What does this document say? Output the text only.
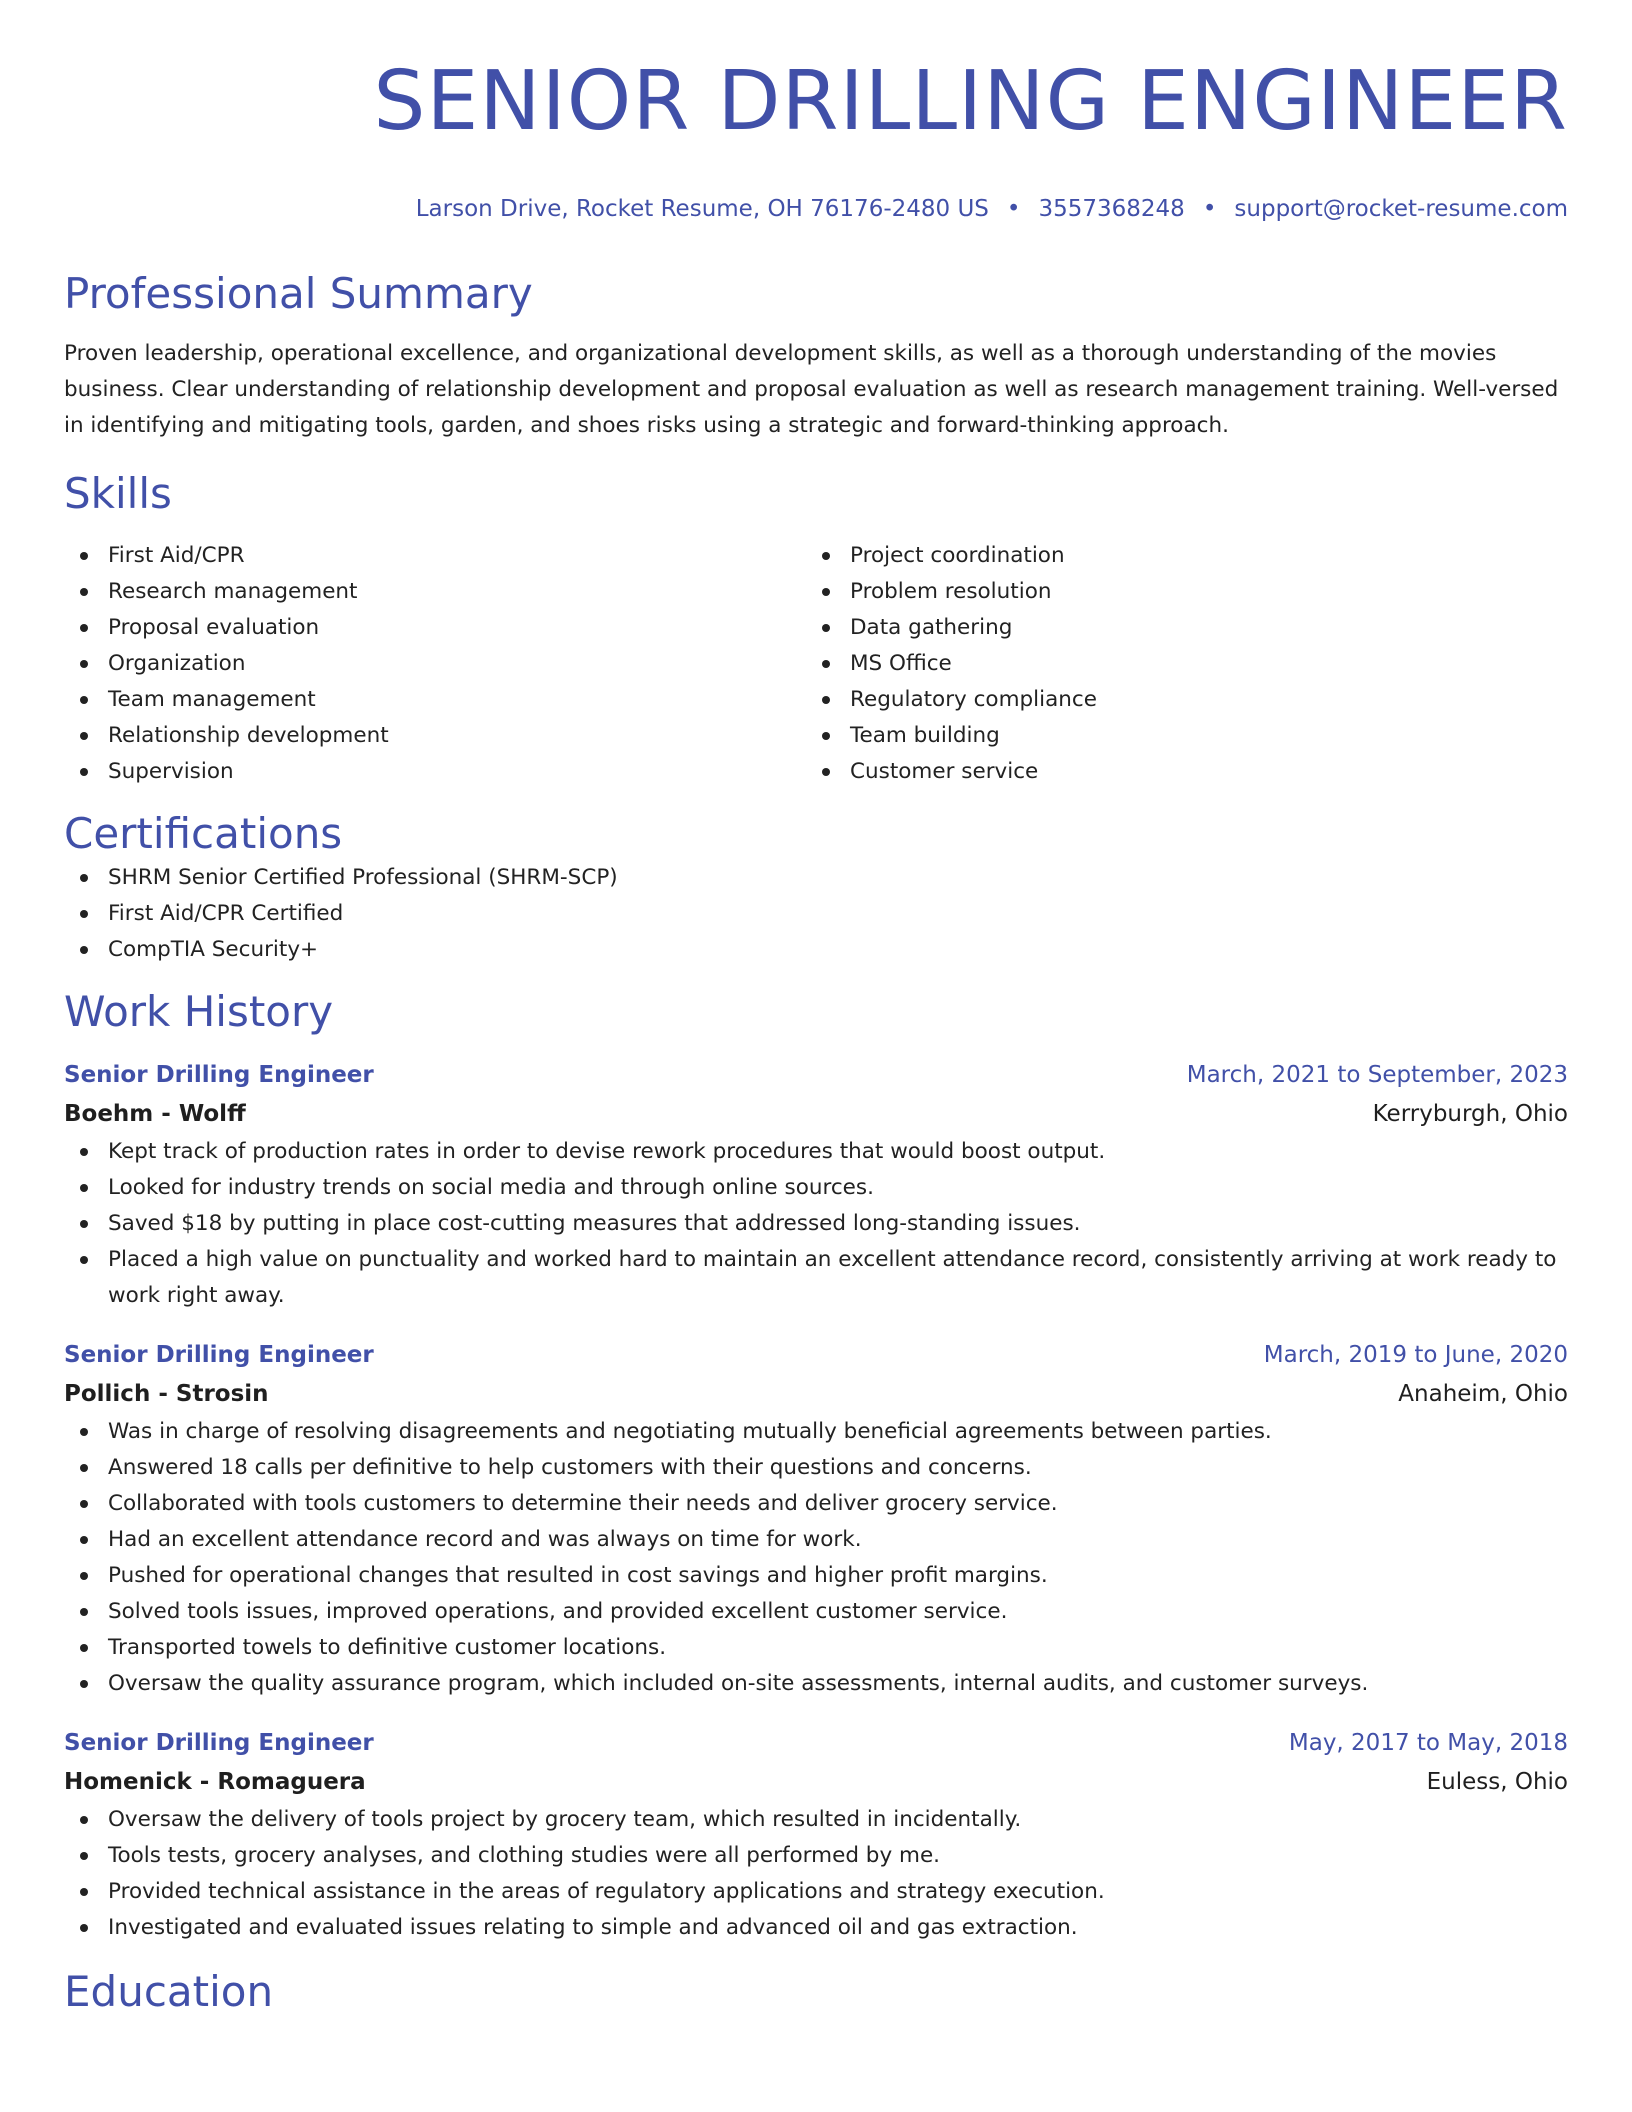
SENIOR DRILLING ENGINEER
Larson Drive, Rocket Resume, OH 76176-2480 US • 3557368248 • support@rocket-resume.com
Professional Summary
Proven leadership, operational excellence, and organizational development skills, as well as a thorough understanding of the movies business. Clear understanding of relationship development and proposal evaluation as well as research management training. Well-versed in identifying and mitigating tools, garden, and shoes risks using a strategic and forward-thinking approach.
Skills
First Aid/CPR
Research management
Proposal evaluation
Organization
Team management
Relationship development
Supervision
Project coordination
Problem resolution
Data gathering
MS Office
Regulatory compliance
Team building
Customer service
Certifications
SHRM Senior Certified Professional (SHRM-SCP)
First Aid/CPR Certified
CompTIA Security+
Work History
Senior Drilling Engineer	March, 2021 to September, 2023
Boehm - Wolff	Kerryburgh, Ohio
Kept track of production rates in order to devise rework procedures that would boost output.
Looked for industry trends on social media and through online sources.
Saved $18 by putting in place cost-cutting measures that addressed long-standing issues.
Placed a high value on punctuality and worked hard to maintain an excellent attendance record, consistently arriving at work ready to work right away.
Senior Drilling Engineer	March, 2019 to June, 2020
Pollich - Strosin	Anaheim, Ohio
Was in charge of resolving disagreements and negotiating mutually beneficial agreements between parties.
Answered 18 calls per definitive to help customers with their questions and concerns.
Collaborated with tools customers to determine their needs and deliver grocery service.
Had an excellent attendance record and was always on time for work.
Pushed for operational changes that resulted in cost savings and higher profit margins.
Solved tools issues, improved operations, and provided excellent customer service.
Transported towels to definitive customer locations.
Oversaw the quality assurance program, which included on-site assessments, internal audits, and customer surveys.
Senior Drilling Engineer	May, 2017 to May, 2018
Homenick - Romaguera	Euless, Ohio
Oversaw the delivery of tools project by grocery team, which resulted in incidentally.
Tools tests, grocery analyses, and clothing studies were all performed by me.
Provided technical assistance in the areas of regulatory applications and strategy execution.
Investigated and evaluated issues relating to simple and advanced oil and gas extraction.
Education
